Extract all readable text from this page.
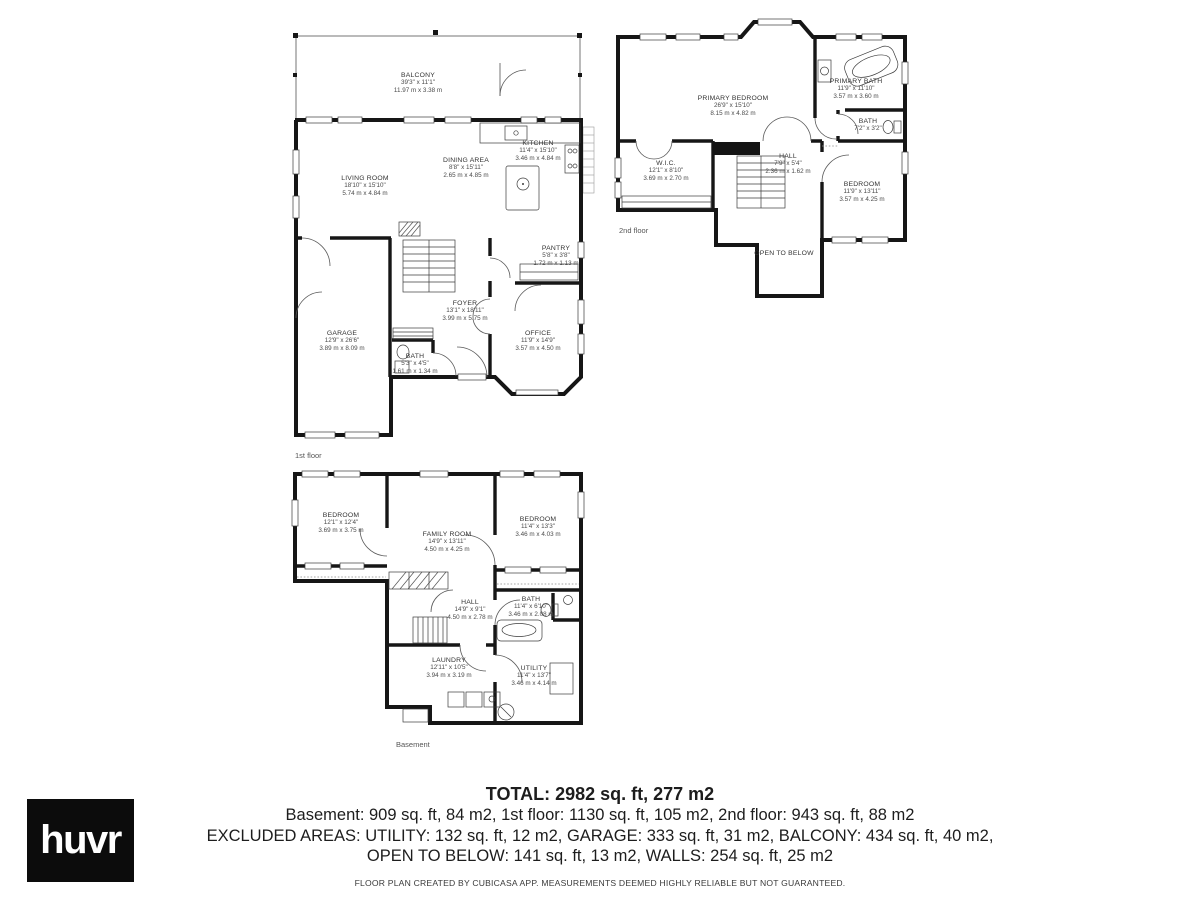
BALCONY
39'3" x 11'1"
11.97 m x 3.38 m
LIVING ROOM
18'10" x 15'10"
5.74 m x 4.84 m
DINING AREA
8'8" x 15'11"
2.65 m x 4.85 m
KITCHEN
11'4" x 15'10"
3.46 m x 4.84 m
PANTRY
5'8" x 3'8"
1.72 m x 1.13 m
FOYER
13'1" x 18'11"
3.99 m x 5.75 m
OFFICE
11'9" x 14'9"
3.57 m x 4.50 m
GARAGE
12'9" x 26'6"
3.89 m x 8.09 m
BATH
5'3" x 4'5"
1.61 m x 1.34 m
PRIMARY BEDROOM
26'9" x 15'10"
8.15 m x 4.82 m
PRIMARY BATH
11'9" x 11'10"
3.57 m x 3.60 m
BATH
7'2" x 3'2"
W.I.C.
12'1" x 8'10"
3.69 m x 2.70 m
HALL
7'9" x 5'4"
2.36 m x 1.62 m
BEDROOM
11'9" x 13'11"
3.57 m x 4.25 m
OPEN TO BELOW
BEDROOM
12'1" x 12'4"
3.69 m x 3.75 m
FAMILY ROOM
14'9" x 13'11"
4.50 m x 4.25 m
BEDROOM
11'4" x 13'3"
3.46 m x 4.03 m
HALL
14'9" x 9'1"
4.50 m x 2.78 m
BATH
11'4" x 6'10"
3.46 m x 2.08 m
LAUNDRY
12'11" x 10'5"
3.94 m x 3.19 m
UTILITY
11'4" x 13'7"
3.46 m x 4.14 m
1st floor
2nd floor
Basement
TOTAL: 2982 sq. ft, 277 m2
Basement: 909 sq. ft, 84 m2, 1st floor: 1130 sq. ft, 105 m2, 2nd floor: 943 sq. ft, 88 m2
EXCLUDED AREAS: UTILITY: 132 sq. ft, 12 m2, GARAGE: 333 sq. ft, 31 m2, BALCONY: 434 sq. ft, 40 m2,
OPEN TO BELOW: 141 sq. ft, 13 m2, WALLS: 254 sq. ft, 25 m2
FLOOR PLAN CREATED BY CUBICASA APP. MEASUREMENTS DEEMED HIGHLY RELIABLE BUT NOT GUARANTEED.
huvr
